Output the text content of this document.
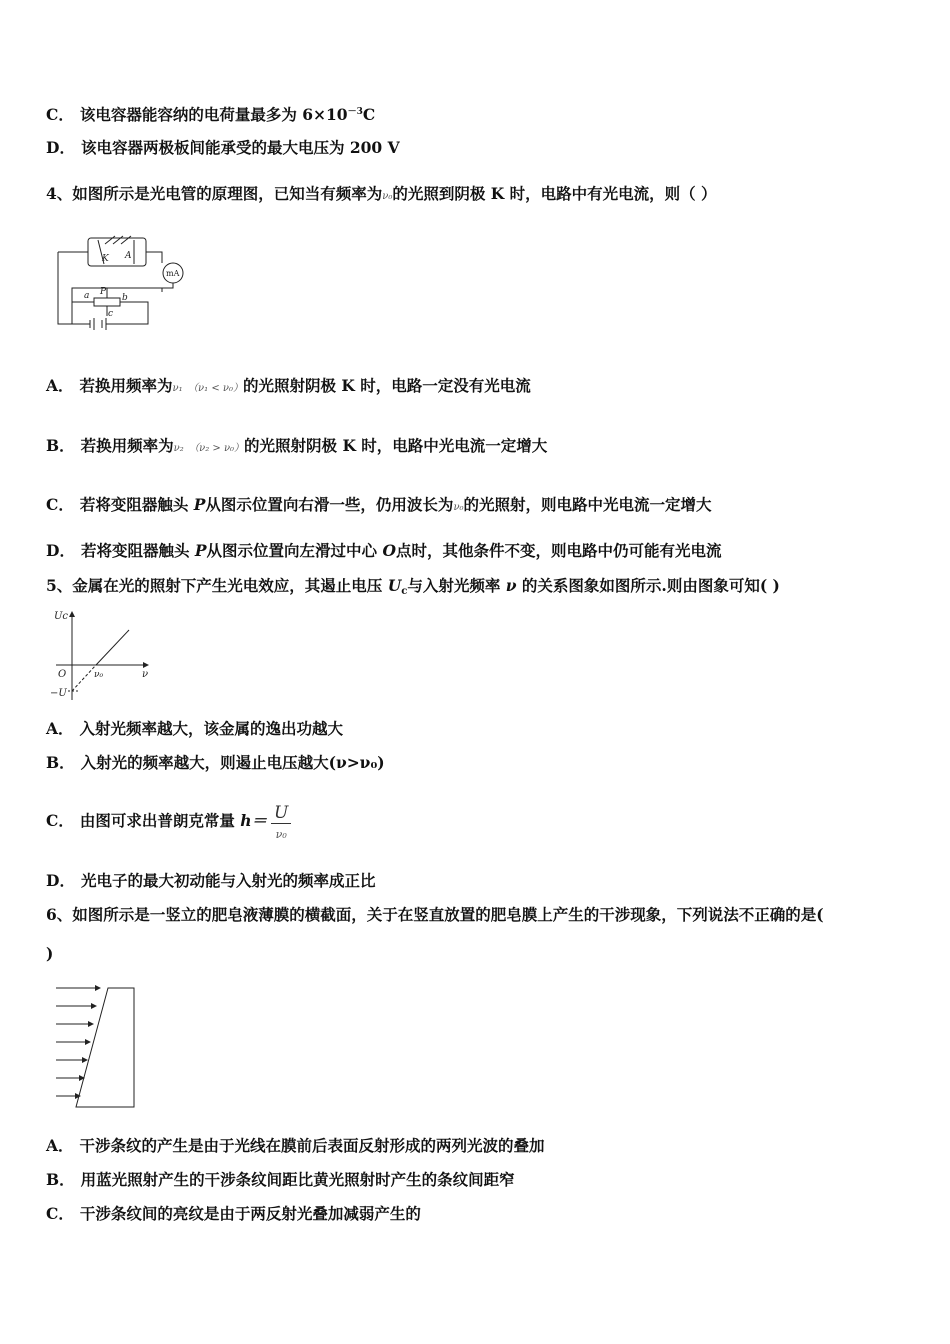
C． 该电容器能容纳的电荷量最多为 $6\times 10^{-3}C$
D． 该电容器两极板间能承受的最大电压为 200 V
4、如图所示是光电管的原理图，已知当有频率为ν₀的光照到阴极 K 时，电路中有光电流，则（ ）
K A
mA
a	b
c
P
A． 若换用频率为ν₁ （ν₁ < ν₀）的光照射阴极 K 时，电路一定没有光电流
B． 若换用频率为ν₂ （ν₂ > ν₀）的光照射阴极 K 时，电路中光电流一定增大
C． 若将变阻器触头 P从图示位置向右滑一些，仍用波长为ν₀的光照射，则电路中光电流一定增大
D． 若将变阻器触头 P从图示位置向左滑过中心 O点时，其他条件不变，则电路中仍可能有光电流
5、金属在光的照射下产生光电效应，其遏止电压 $U_c$与入射光频率 ν 的关系图象如图所示.则由图象可知( )
Uc
ν
O	ν₀
−U
A． 入射光频率越大，该金属的逸出功越大
B． 入射光的频率越大，则遏止电压越大(ν>ν₀)
C． 由图可求出普朗克常量 $h= \frac{U}{\text{ν₀}}$
D． 光电子的最大初动能与入射光的频率成正比
6、如图所示是一竖立的肥皂液薄膜的横截面，关于在竖直放置的肥皂膜上产生的干涉现象，下列说法不正确的是(
)
A． 干涉条纹的产生是由于光线在膜前后表面反射形成的两列光波的叠加
B． 用蓝光照射产生的干涉条纹间距比黄光照射时产生的条纹间距窄
C． 干涉条纹间的亮纹是由于两反射光叠加减弱产生的
